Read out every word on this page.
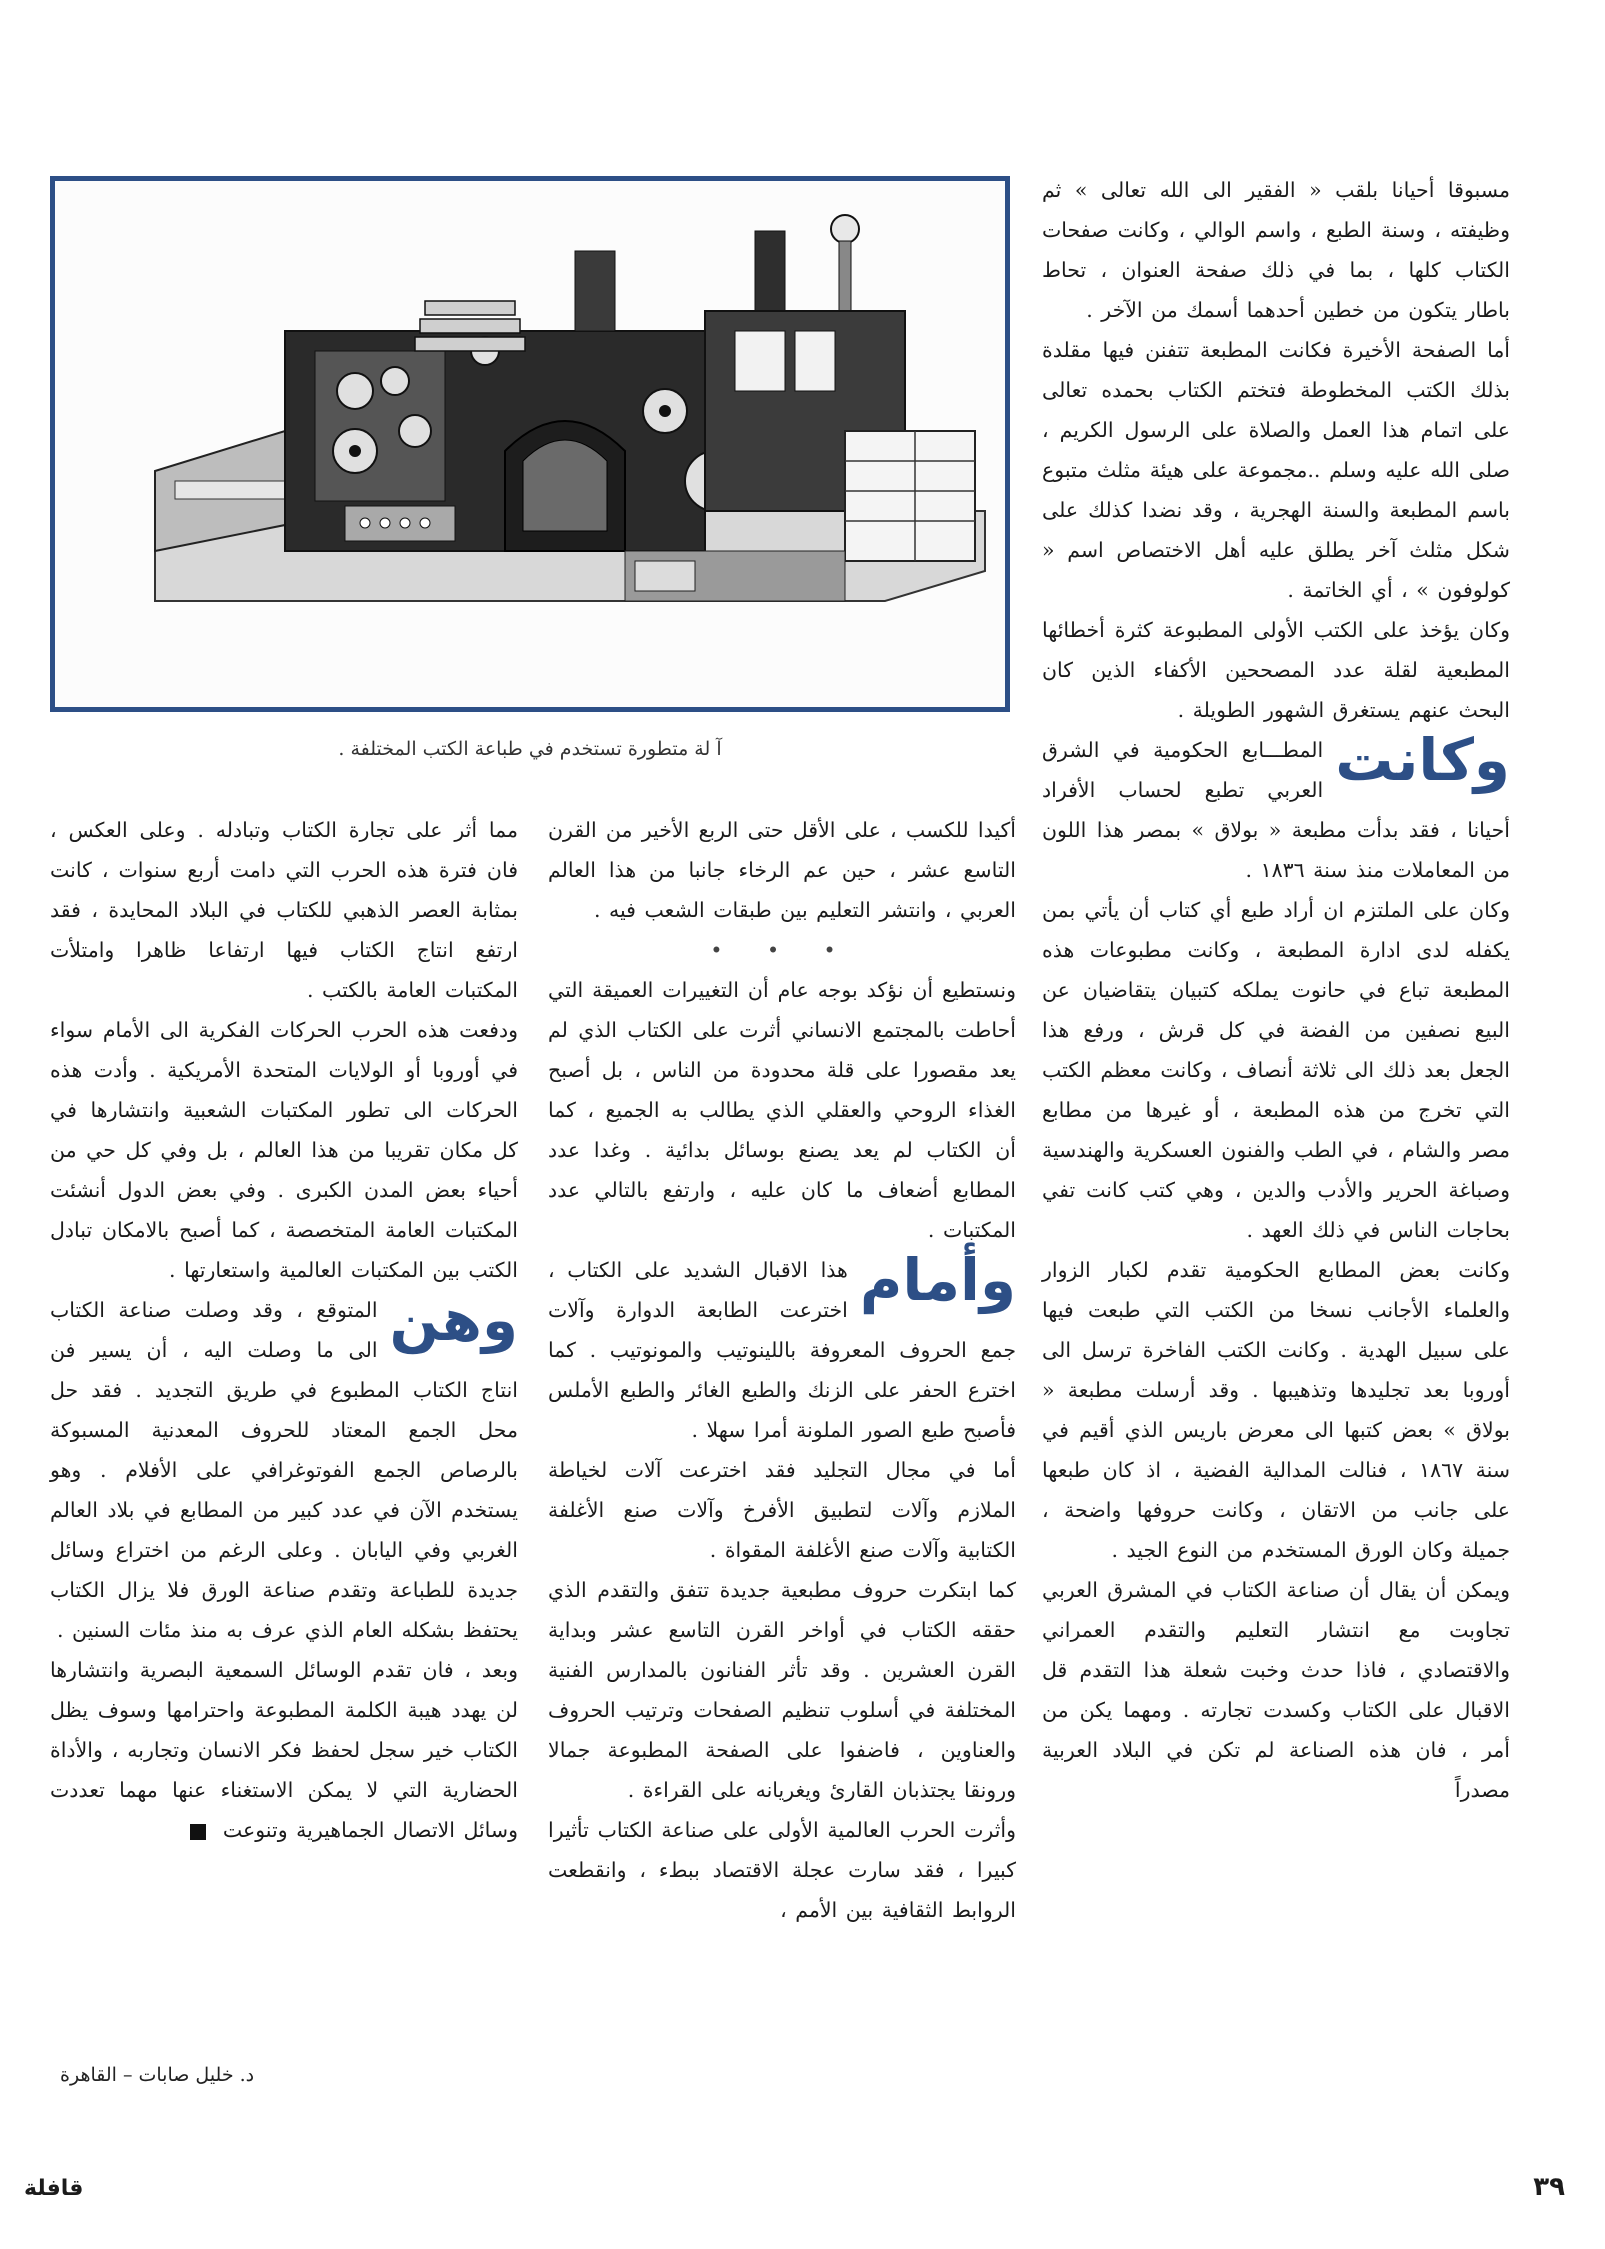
آ لة متطورة تستخدم في طباعة الكتب المختلفة .

مسبوقا أحيانا بلقب « الفقير الى الله تعالى » ثم وظيفته ، وسنة الطبع ، واسم الوالي ، وكانت صفحات الكتاب كلها ، بما في ذلك صفحة العنوان ، تحاط باطار يتكون من خطين أحدهما أسمك من الآخر .

أما الصفحة الأخيرة فكانت المطبعة تتفنن فيها مقلدة بذلك الكتب المخطوطة فتختم الكتاب بحمده تعالى على اتمام هذا العمل والصلاة على الرسول الكريم ، صلى الله عليه وسلم ..مجموعة على هيئة مثلث متبوع باسم المطبعة والسنة الهجرية ، وقد نضدا كذلك على شكل مثلث آخر يطلق عليه أهل الاختصاص اسم « كولوفون » ، أي الخاتمة .

وكان يؤخذ على الكتب الأولى المطبوعة كثرة أخطائها المطبعية لقلة عدد المصححين الأكفاء الذين كان البحث عنهم يستغرق الشهور الطويلة .

وكانت
المطـــابع الحكومية في الشرق العربي تطبع لحساب الأفراد أحيانا ، فقد بدأت مطبعة « بولاق » بمصر هذا اللون من المعاملات منذ سنة ١٨٣٦ .

وكان على الملتزم ان أراد طبع أي كتاب أن يأتي بمن يكفله لدى ادارة المطبعة ، وكانت مطبوعات هذه المطبعة تباع في حانوت يملكه كتبيان يتقاضيان عن البيع نصفين من الفضة في كل قرش ، ورفع هذا الجعل بعد ذلك الى ثلاثة أنصاف ، وكانت معظم الكتب التي تخرج من هذه المطبعة ، أو غيرها من مطابع مصر والشام ، في الطب والفنون العسكرية والهندسية وصباغة الحرير والأدب والدين ، وهي كتب كانت تفي بحاجات الناس في ذلك العهد .

وكانت بعض المطابع الحكومية تقدم لكبار الزوار والعلماء الأجانب نسخا من الكتب التي طبعت فيها على سبيل الهدية . وكانت الكتب الفاخرة ترسل الى أوروبا بعد تجليدها وتذهيبها . وقد أرسلت مطبعة « بولاق » بعض كتبها الى معرض باريس الذي أقيم في سنة ١٨٦٧ ، فنالت المدالية الفضية ، اذ كان طبعها على جانب من الاتقان ، وكانت حروفها واضحة ، جميلة وكان الورق المستخدم من النوع الجيد .

ويمكن أن يقال أن صناعة الكتاب في المشرق العربي تجاوبت مع انتشار التعليم والتقدم العمراني والاقتصادي ، فاذا حدث وخبت شعلة هذا التقدم قل الاقبال على الكتاب وكسدت تجارته . ومهما يكن من أمر ، فان هذه الصناعة لم تكن في البلاد العربية مصدراً

أكيدا للكسب ، على الأقل حتى الربع الأخير من القرن التاسع عشر ، حين عم الرخاء جانبا من هذا العالم العربي ، وانتشر التعليم بين طبقات الشعب فيه .

• • •

ونستطيع أن نؤكد بوجه عام أن التغييرات العميقة التي أحاطت بالمجتمع الانساني أثرت على الكتاب الذي لم يعد مقصورا على قلة محدودة من الناس ، بل أصبح الغذاء الروحي والعقلي الذي يطالب به الجميع ، كما أن الكتاب لم يعد يصنع بوسائل بدائية . وغدا عدد المطابع أضعاف ما كان عليه ، وارتفع بالتالي عدد المكتبات .

وأمام
هذا الاقبال الشديد على الكتاب ، اخترعت الطابعة الدوارة وآلات جمع الحروف المعروفة باللينوتيب والمونوتيب . كما اخترع الحفر على الزنك والطبع الغائر والطبع الأملس فأصبح طبع الصور الملونة أمرا سهلا .

أما في مجال التجليد فقد اخترعت آلات لخياطة الملازم وآلات لتطبيق الأفرخ وآلات صنع الأغلفة الكتابية وآلات صنع الأغلفة المقواة .

كما ابتكرت حروف مطبعية جديدة تتفق والتقدم الذي حققه الكتاب في أواخر القرن التاسع عشر وبداية القرن العشرين . وقد تأثر الفنانون بالمدارس الفنية المختلفة في أسلوب تنظيم الصفحات وترتيب الحروف والعناوين ، فاضفوا على الصفحة المطبوعة جمالا ورونقا يجتذبان القارئ ويغريانه على القراءة .

وأثرت الحرب العالمية الأولى على صناعة الكتاب تأثيرا كبيرا ، فقد سارت عجلة الاقتصاد ببطء ، وانقطعت الروابط الثقافية بين الأمم ،

مما أثر على تجارة الكتاب وتبادله . وعلى العكس ، فان فترة هذه الحرب التي دامت أربع سنوات ، كانت بمثابة العصر الذهبي للكتاب في البلاد المحايدة ، فقد ارتفع انتاج الكتاب فيها ارتفاعا ظاهرا وامتلأت المكتبات العامة بالكتب .

ودفعت هذه الحرب الحركات الفكرية الى الأمام سواء في أوروبا أو الولايات المتحدة الأمريكية . وأدت هذه الحركات الى تطور المكتبات الشعبية وانتشارها في كل مكان تقريبا من هذا العالم ، بل وفي كل حي من أحياء بعض المدن الكبرى . وفي بعض الدول أنشئت المكتبات العامة المتخصصة ، كما أصبح بالامكان تبادل الكتب بين المكتبات العالمية واستعارتها .

وهن
المتوقع ، وقد وصلت صناعة الكتاب الى ما وصلت اليه ، أن يسير فن انتاج الكتاب المطبوع في طريق التجديد . فقد حل محل الجمع المعتاد للحروف المعدنية المسبوكة بالرصاص الجمع الفوتوغرافي على الأفلام . وهو يستخدم الآن في عدد كبير من المطابع في بلاد العالم الغربي وفي اليابان . وعلى الرغم من اختراع وسائل جديدة للطباعة وتقدم صناعة الورق فلا يزال الكتاب يحتفظ بشكله العام الذي عرف به منذ مئات السنين .

وبعد ، فان تقدم الوسائل السمعية البصرية وانتشارها لن يهدد هيبة الكلمة المطبوعة واحترامها وسوف يظل الكتاب خير سجل لحفظ فكر الانسان وتجاربه ، والأداة الحضارية التي لا يمكن الاستغناء عنها مهما تعددت وسائل الاتصال الجماهيرية وتنوعت

د. خليل صابات – القاهرة
٣٩
قافلة
